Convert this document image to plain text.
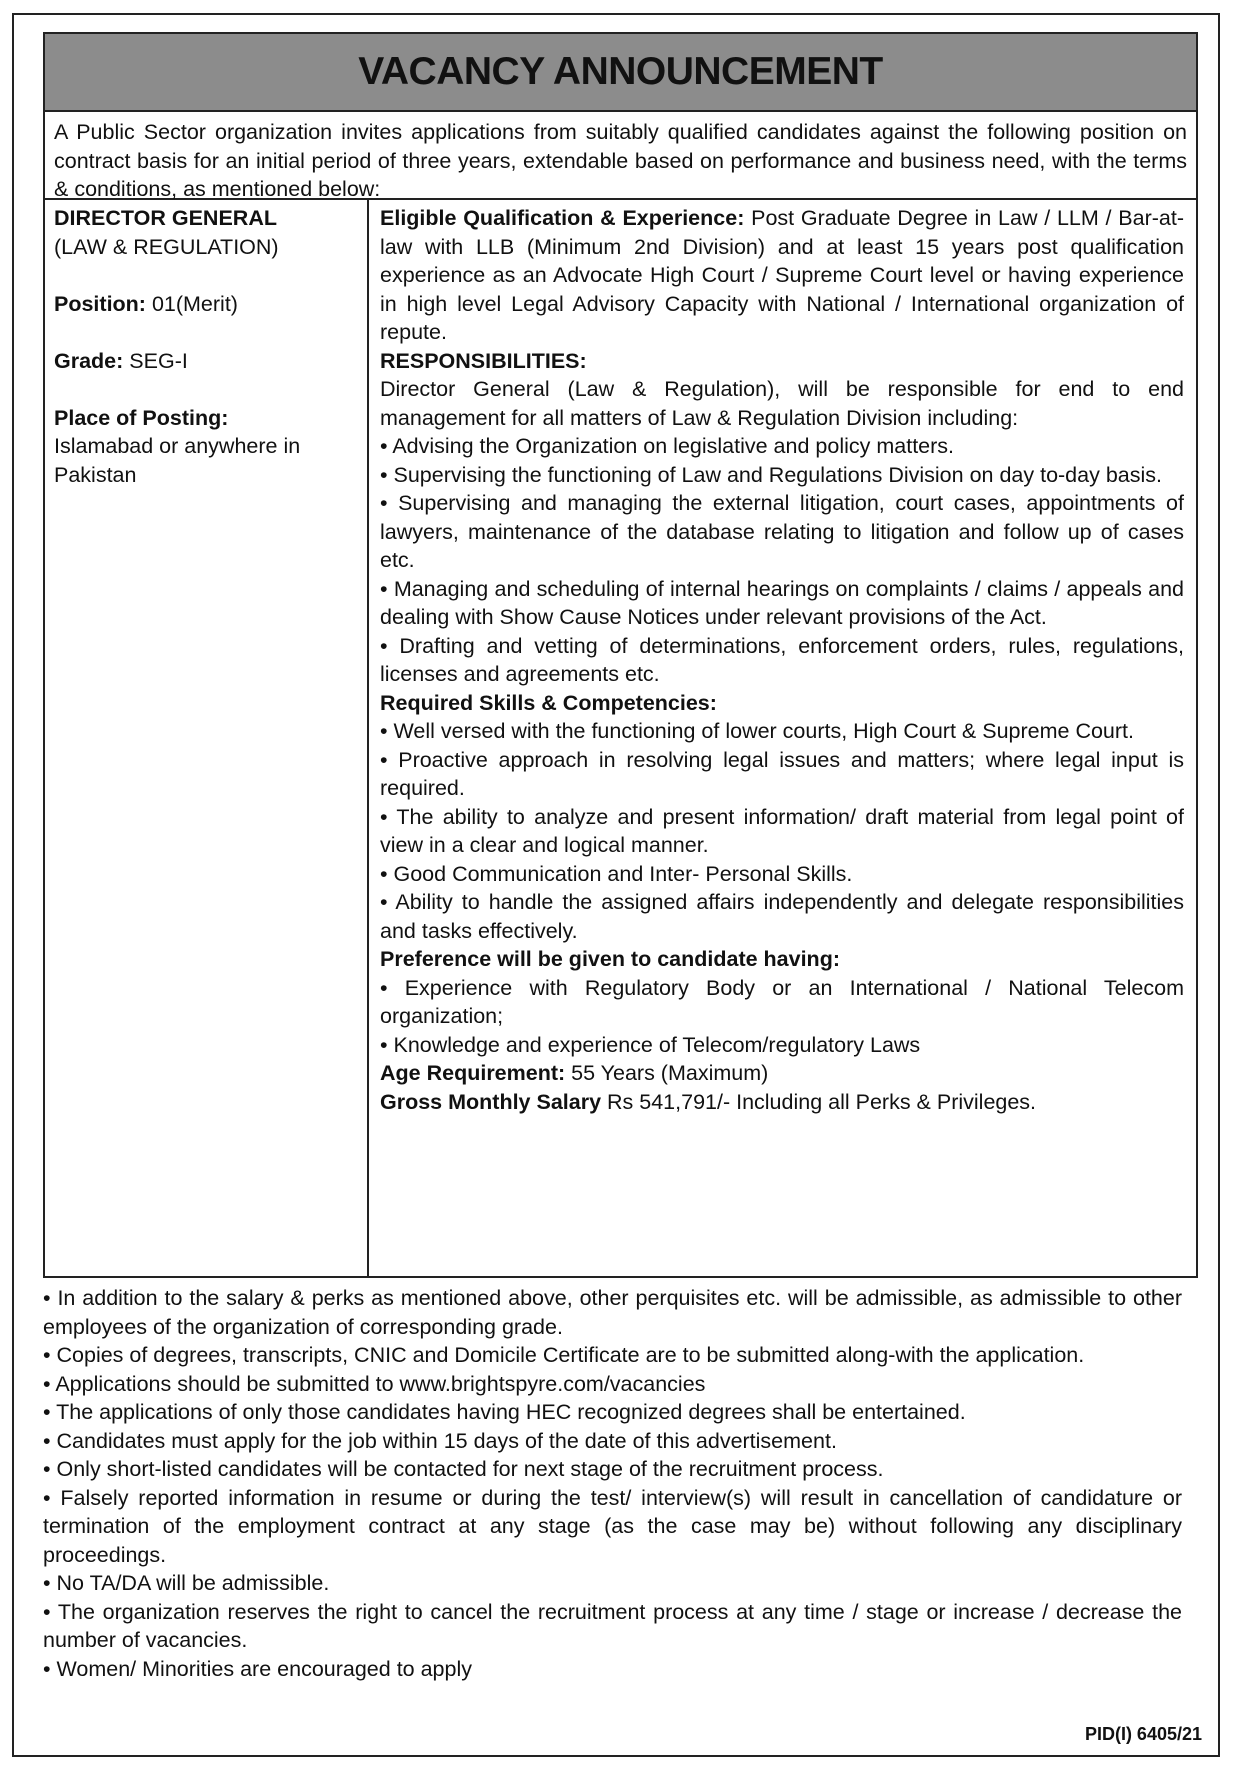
VACANCY ANNOUNCEMENT
A Public Sector organization invites applications from suitably qualified candidates against the following position on contract basis for an initial period of three years, extendable based on performance and business need, with the terms & conditions, as mentioned below:

DIRECTOR GENERAL

(LAW & REGULATION)

Position: 01(Merit)

Grade: SEG-I

Place of Posting:

Islamabad or anywhere in Pakistan

Eligible Qualification & Experience: Post Graduate Degree in Law / LLM / Bar-at-law with LLB (Minimum 2nd Division) and at least 15 years post qualification experience as an Advocate High Court / Supreme Court level or having experience in high level Legal Advisory Capacity with National / International organization of repute.

RESPONSIBILITIES:

Director General (Law & Regulation), will be responsible for end to end management for all matters of Law & Regulation Division including:

• Advising the Organization on legislative and policy matters.

• Supervising the functioning of Law and Regulations Division on day to-day basis.

• Supervising and managing the external litigation, court cases, appointments of lawyers, maintenance of the database relating to litigation and follow up of cases etc.

• Managing and scheduling of internal hearings on complaints / claims / appeals and dealing with Show Cause Notices under relevant provisions of the Act.

• Drafting and vetting of determinations, enforcement orders, rules, regulations, licenses and agreements etc.

Required Skills & Competencies:

• Well versed with the functioning of lower courts, High Court & Supreme Court.

• Proactive approach in resolving legal issues and matters; where legal input is required.

• The ability to analyze and present information/ draft material from legal point of view in a clear and logical manner.

• Good Communication and Inter- Personal Skills.

• Ability to handle the assigned affairs independently and delegate responsibilities and tasks effectively.

Preference will be given to candidate having:

• Experience with Regulatory Body or an International / National Telecom organization;

• Knowledge and experience of Telecom/regulatory Laws

Age Requirement: 55 Years (Maximum)

Gross Monthly Salary Rs 541,791/- Including all Perks & Privileges.

• In addition to the salary & perks as mentioned above, other perquisites etc. will be admissible, as admissible to other employees of the organization of corresponding grade.

• Copies of degrees, transcripts, CNIC and Domicile Certificate are to be submitted along-with the application.

• Applications should be submitted to www.brightspyre.com/vacancies

• The applications of only those candidates having HEC recognized degrees shall be entertained.

• Candidates must apply for the job within 15 days of the date of this advertisement.

• Only short-listed candidates will be contacted for next stage of the recruitment process.

• Falsely reported information in resume or during the test/ interview(s) will result in cancellation of candidature or termination of the employment contract at any stage (as the case may be) without following any disciplinary proceedings.

• No TA/DA will be admissible.

• The organization reserves the right to cancel the recruitment process at any time / stage or increase / decrease the number of vacancies.

• Women/ Minorities are encouraged to apply

PID(I) 6405/21
